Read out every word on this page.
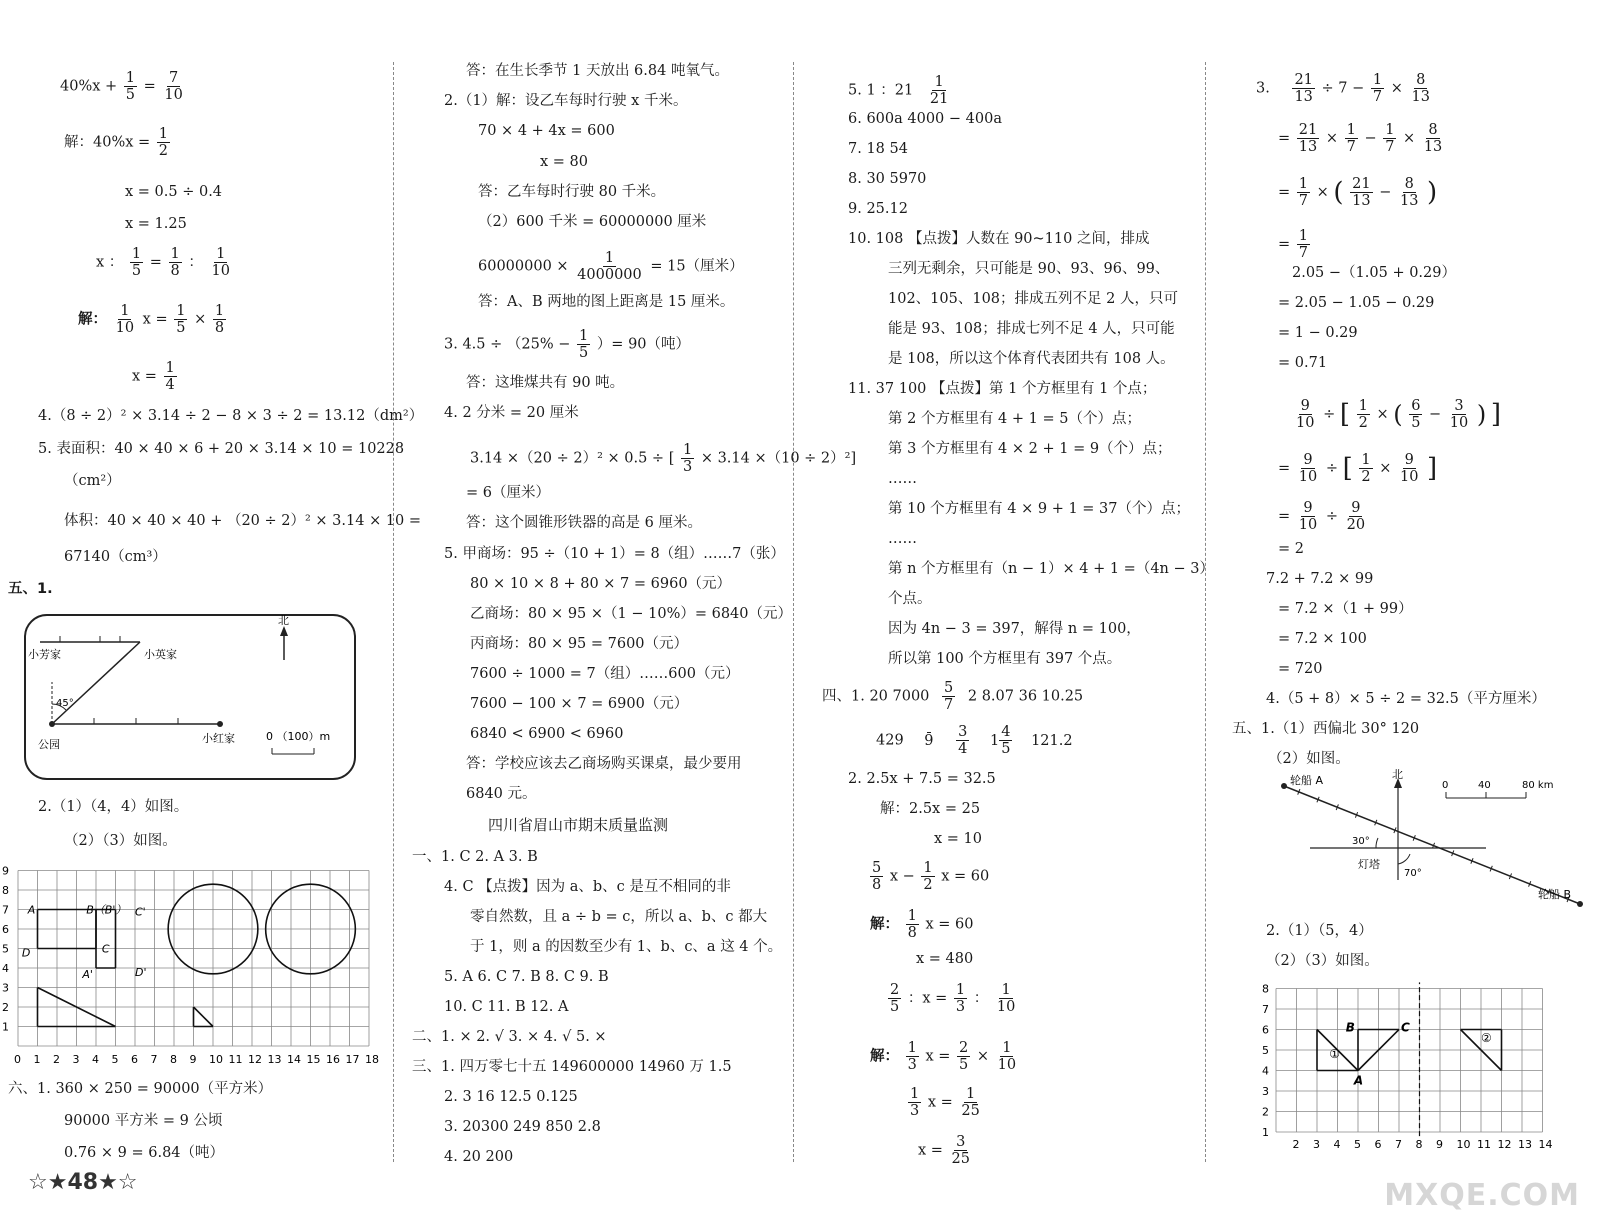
$40\%x + \frac{1}{5} = \frac{7}{10}$
解：$40\%x = \frac{1}{2}$
x = 0.5 ÷ 0.4
x = 1.25
x ： $\frac{1}{5} = \frac{1}{8}$ ： $\frac{1}{10}$
解： $\frac{1}{10}$ $x = \frac{1}{5} \times \frac{1}{8}$
$x = \frac{1}{4}$
4.（8 ÷ 2）² × 3.14 ÷ 2 − 8 × 3 ÷ 2 = 13.12（dm²）
5. 表面积：40 × 40 × 6 + 20 × 3.14 × 10 = 10228
（cm²）
体积：40 × 40 × 40 + （20 ÷ 2）² × 3.14 × 10 =
67140（cm³）
五、1.
小芳家	小英家
45°
公园	小红家
北
0 （100）m
2.（1）（4，4）如图。
（2）（3）如图。
0 1 2 3 4 5 6 7 8 9 10 11 12 13 14 15 16 17 18
9
8
7
6
5
4
3
2
1
A	B（B'） C'
C
D
A'	D'
六、1. 360 × 250 = 90000（平方米）
90000 平方米 = 9 公顷
0.76 × 9 = 6.84（吨）
答：在生长季节 1 天放出 6.84 吨氧气。
2.（1）解：设乙车每时行驶 x 千米。
70 × 4 + 4x = 600
x = 80
答：乙车每时行驶 80 千米。
（2）600 千米 = 60000000 厘米
$60000000 \times \frac{1}{4000000} = 15$（厘米）
答：A、B 两地的图上距离是 15 厘米。
3. $4.5 \div (25\% - \frac{1}{5}$ ）= 90（吨）
答：这堆煤共有 90 吨。
4. 2 分米 = 20 厘米
3.14 ×（20 ÷ 2）² × 0.5 ÷ [ $\frac{1}{3} \times 3.14 \times(10 \div 2)^2$]
= 6（厘米）
答：这个圆锥形铁器的高是 6 厘米。
5. 甲商场：95 ÷（10 + 1）= 8（组）……7（张）
80 × 10 × 8 + 80 × 7 = 6960（元）
乙商场：80 × 95 ×（1 − 10%）= 6840（元）
丙商场：80 × 95 = 7600（元）
7600 ÷ 1000 = 7（组）……600（元）
7600 − 100 × 7 = 6900（元）
6840 < 6900 < 6960
答：学校应该去乙商场购买课桌，最少要用
6840 元。
四川省眉山市期末质量监测
一、1. C 2. A 3. B
4. C 【点拨】因为 a、b、c 是互不相同的非
零自然数，且 a ÷ b = c，所以 a、b、c 都大
于 1，则 a 的因数至少有 1、b、c、a 这 4 个。
5. A 6. C 7. B 8. C 9. B
10. C 11. B 12. A
二、1. × 2. √ 3. × 4. √ 5. ×
三、1. 四万零七十五 149600000 14960 万 1.5
2. 3 16 12.5 0.125
3. 20300 249 850 2.8
4. 20 200
5. 1 ：$21 \frac{1}{21}$
6. 600a 4000 − 400a
7. 18 54
8. 30 5970
9. 25.12
10. 108 【点拨】人数在 90~110 之间，排成
三列无剩余，只可能是 90、93、96、99、
102、105、108；排成五列不足 2 人，只可
能是 93、108；排成七列不足 4 人，只可能
是 108，所以这个体育代表团共有 108 人。
11. 37 100 【点拨】第 1 个方框里有 1 个点；
第 2 个方框里有 4 + 1 = 5（个）点；
第 3 个方框里有 4 × 2 + 1 = 9（个）点；
……
第 10 个方框里有 4 × 9 + 1 = 37（个）点；
……
第 n 个方框里有（n − 1）× 4 + 1 =（4n − 3）
个点。
因为 4n − 3 = 397，解得 n = 100，
所以第 100 个方框里有 397 个点。
四、1. 20 $7000 \frac{5}{7} 2$ 8.07 36 10.25
429 9
$\frac{3}{4} 1 \frac{4}{5} 121.2$
2. 2.5x + 7.5 = 32.5
解：2.5x = 25
x = 10
$\frac{5}{8}$ $x - \frac{1}{2}$ x = 60
解： $\frac{1}{8}$ x = 60
x = 480
$\frac{2}{5}$ ：$x = \frac{1}{3}$ ： $\frac{1}{10}$
解： $\frac{1}{3}$ $x = \frac{2}{5} \times \frac{1}{10}$
$\frac{1}{3}$ $x = \frac{1}{25}$
$x = \frac{3}{25}$
3. $\frac{21}{13} \div 7 - \frac{1}{7} \times \frac{8}{13}$
= $\frac{21}{13} \times \frac{1}{7} - \frac{1}{7} \times \frac{8}{13}$
= $\frac{1}{7}$ × ( $\frac{21}{13} - \frac{8}{13}$ )
= $\frac{1}{7}$
2.05 −（1.05 + 0.29）
= 2.05 − 1.05 − 0.29
= 1 − 0.29
= 0.71
$\frac{9}{10}$ ÷ [ $\frac{1}{2}$ × ( $\frac{6}{5} - \frac{3}{10}$ ) ]
= $\frac{9}{10}$ ÷ [ $\frac{1}{2} \times \frac{9}{10}$ ]
= $\frac{9}{10} \div \frac{9}{20}$
= 2
7.2 + 7.2 × 99
= 7.2 ×（1 + 99）
= 7.2 × 100
= 720
4.（5 + 8）× 5 ÷ 2 = 32.5（平方厘米）
五、1.（1）西偏北 30° 120
（2）如图。
轮船 A
轮船 B
北
30°
70°
灯塔
0	40	80 km
2.（1）（5，4）
（2）（3）如图。
2 3 4 5 6 7 8 9 10 11 12 13 14
8
7
6
5
4
3
2
1
①
②
B	C
A
☆★48★☆	MXQE.COM
